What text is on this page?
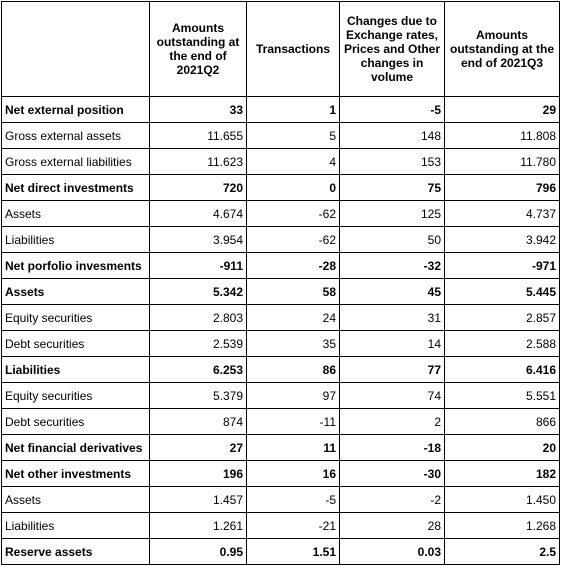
	Amounts outstanding at the end of 2021Q2	Transactions	Changes due to Exchange rates, Prices and Other changes in volume	Amounts outstanding at the end of 2021Q3
Net external position	33	1	-5	29
Gross external assets	11.655	5	148	11.808
Gross external liabilities	11.623	4	153	11.780
Net direct investments	720	0	75	796
Assets	4.674	-62	125	4.737
Liabilities	3.954	-62	50	3.942
Net porfolio invesments	-911	-28	-32	-971
Assets	5.342	58	45	5.445
Equity securities	2.803	24	31	2.857
Debt securities	2.539	35	14	2.588
Liabilities	6.253	86	77	6.416
Equity securities	5.379	97	74	5.551
Debt securities	874	-11	2	866
Net financial derivatives	27	11	-18	20
Net other investments	196	16	-30	182
Assets	1.457	-5	-2	1.450
Liabilities	1.261	-21	28	1.268
Reserve assets	0.95	1.51	0.03	2.5
